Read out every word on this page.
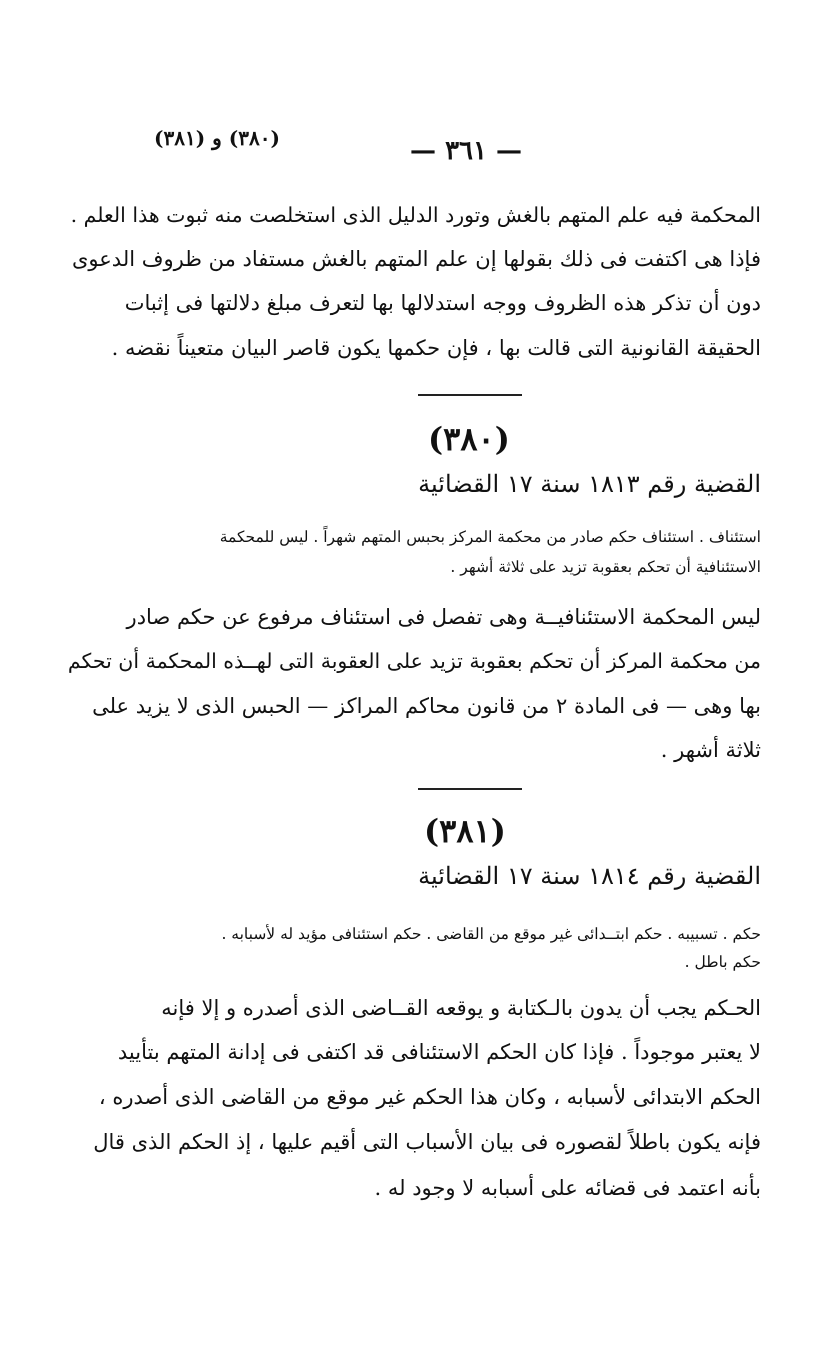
— ٣٦١ —
(٣٨٠) و (٣٨١)
المحكمة فيه علم المتهم بالغش وتورد الدليل الذى استخلصت منه ثبوت هذا العلم .
فإذا هى اكتفت فى ذلك بقولها إن علم المتهم بالغش مستفاد من ظروف الدعوى
دون أن تذكر هذه الظروف ووجه استدلالها بها لتعرف مبلغ دلالتها فى إثبات
الحقيقة القانونية التى قالت بها ، فإن حكمها يكون قاصر البيان متعيناً نقضه .
(٣٨٠)
القضية رقم ١٨١٣ سنة ١٧ القضائية
استئناف . استئناف حكم صادر من محكمة المركز بحبس المتهم شهراً . ليس للمحكمة
الاستئنافية أن تحكم بعقوبة تزيد على ثلاثة أشهر .
ليس المحكمة الاستئنافيــة وهى تفصل فى استئناف مرفوع عن حكم صادر
من محكمة المركز أن تحكم بعقوبة تزيد على العقوبة التى لهــذه المحكمة أن تحكم
بها وهى — فى المادة ٢ من قانون محاكم المراكز — الحبس الذى لا يزيد على
ثلاثة أشهر .
(٣٨١)
القضية رقم ١٨١٤ سنة ١٧ القضائية
حكم . تسبيبه . حكم ابتــدائى غير موقع من القاضى . حكم استئنافى مؤيد له لأسبابه .
حكم باطل .
الحـكم يجب أن يدون بالـكتابة و يوقعه القــاضى الذى أصدره و إلا فإنه
لا يعتبر موجوداً . فإذا كان الحكم الاستئنافى قد اكتفى فى إدانة المتهم بتأييد
الحكم الابتدائى لأسبابه ، وكان هذا الحكم غير موقع من القاضى الذى أصدره ،
فإنه يكون باطلاً لقصوره فى بيان الأسباب التى أقيم عليها ، إذ الحكم الذى قال
بأنه اعتمد فى قضائه على أسبابه لا وجود له .
